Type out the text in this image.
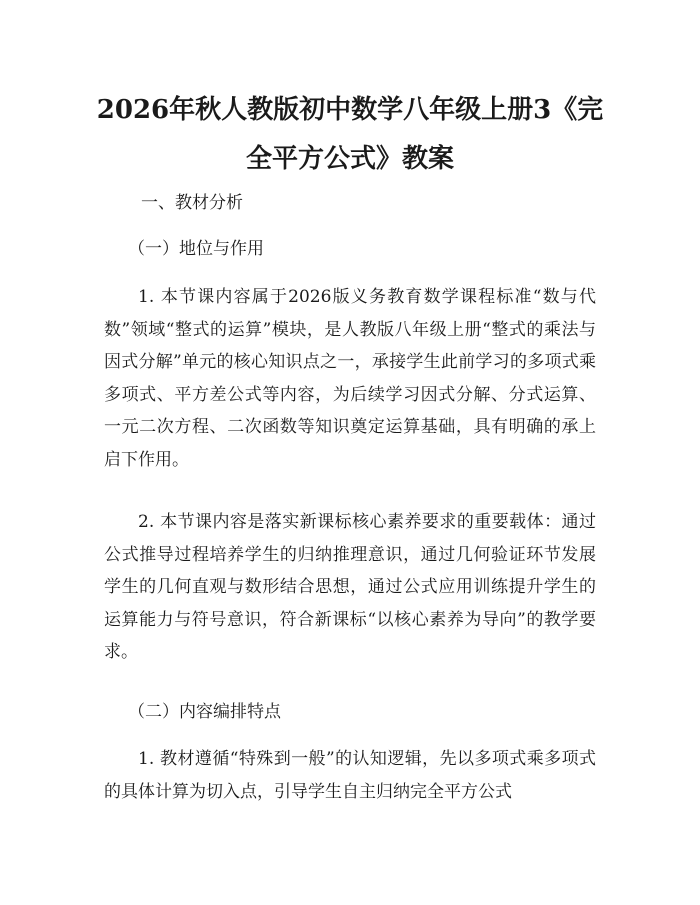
2026年秋人教版初中数学八年级上册3《完全平方公式》教案

一、教材分析

（一）地位与作用

1. 本节课内容属于2026版义务教育数学课程标准“数与代数”领域“整式的运算”模块，是人教版八年级上册“整式的乘法与因式分解”单元的核心知识点之一，承接学生此前学习的多项式乘多项式、平方差公式等内容，为后续学习因式分解、分式运算、一元二次方程、二次函数等知识奠定运算基础，具有明确的承上启下作用。

2. 本节课内容是落实新课标核心素养要求的重要载体：通过公式推导过程培养学生的归纳推理意识，通过几何验证环节发展学生的几何直观与数形结合思想，通过公式应用训练提升学生的运算能力与符号意识，符合新课标“以核心素养为导向”的教学要求。

（二）内容编排特点

1. 教材遵循“特殊到一般”的认知逻辑，先以多项式乘多项式的具体计算为切入点，引导学生自主归纳完全平方公式
